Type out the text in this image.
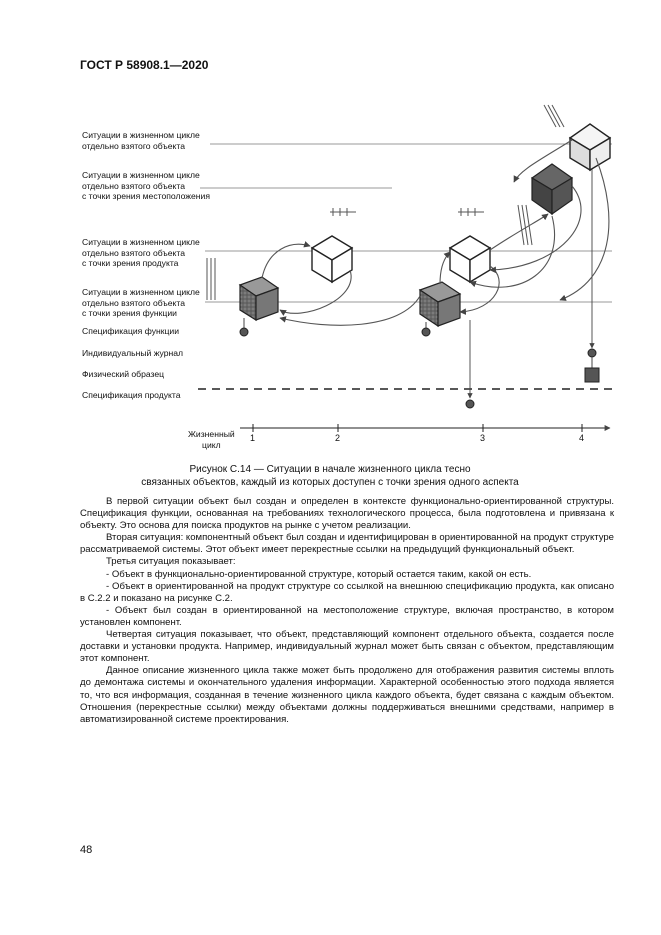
ГОСТ Р 58908.1—2020
Ситуации в жизненном цикле
отдельно взятого объекта
Ситуации в жизненном цикле
отдельно взятого объекта
с точки зрения местоположения
Ситуации в жизненном цикле
отдельно взятого объекта
с точки зрения продукта
Ситуации в жизненном цикле
отдельно взятого объекта
с точки зрения функции
Спецификация функции
Индивидуальный журнал
Физический образец
Спецификация продукта
Жизненный
цикл
1	2	3	4
Рисунок С.14 — Ситуации в начале жизненного цикла тесно
связанных объектов, каждый из которых доступен с точки зрения одного аспекта

В первой ситуации объект был создан и определен в контексте функционально-ориентированной структуры. Спецификация функции, основанная на требованиях технологического процесса, была подготовлена и привязана к объекту. Это основа для поиска продуктов на рынке с учетом реализации.

Вторая ситуация: компонентный объект был создан и идентифицирован в ориентированной на продукт структуре рассматриваемой системы. Этот объект имеет перекрестные ссылки на предыдущий функциональный объект.

Третья ситуация показывает:

- Объект в функционально-ориентированной структуре, который остается таким, какой он есть.

- Объект в ориентированной на продукт структуре со ссылкой на внешнюю спецификацию продукта, как описано в С.2.2 и показано на рисунке С.2.

- Объект был создан в ориентированной на местоположение структуре, включая пространство, в котором установлен компонент.

Четвертая ситуация показывает, что объект, представляющий компонент отдельного объекта, создается после доставки и установки продукта. Например, индивидуальный журнал может быть связан с объектом, представляющим этот компонент.

Данное описание жизненного цикла также может быть продолжено для отображения развития системы вплоть до демонтажа системы и окончательного удаления информации. Характерной особенностью этого подхода является то, что вся информация, созданная в течение жизненного цикла каждого объекта, будет связана с каждым объектом. Отношения (перекрестные ссылки) между объектами должны поддерживаться внешними средствами, например в автоматизированной системе проектирования.

48
